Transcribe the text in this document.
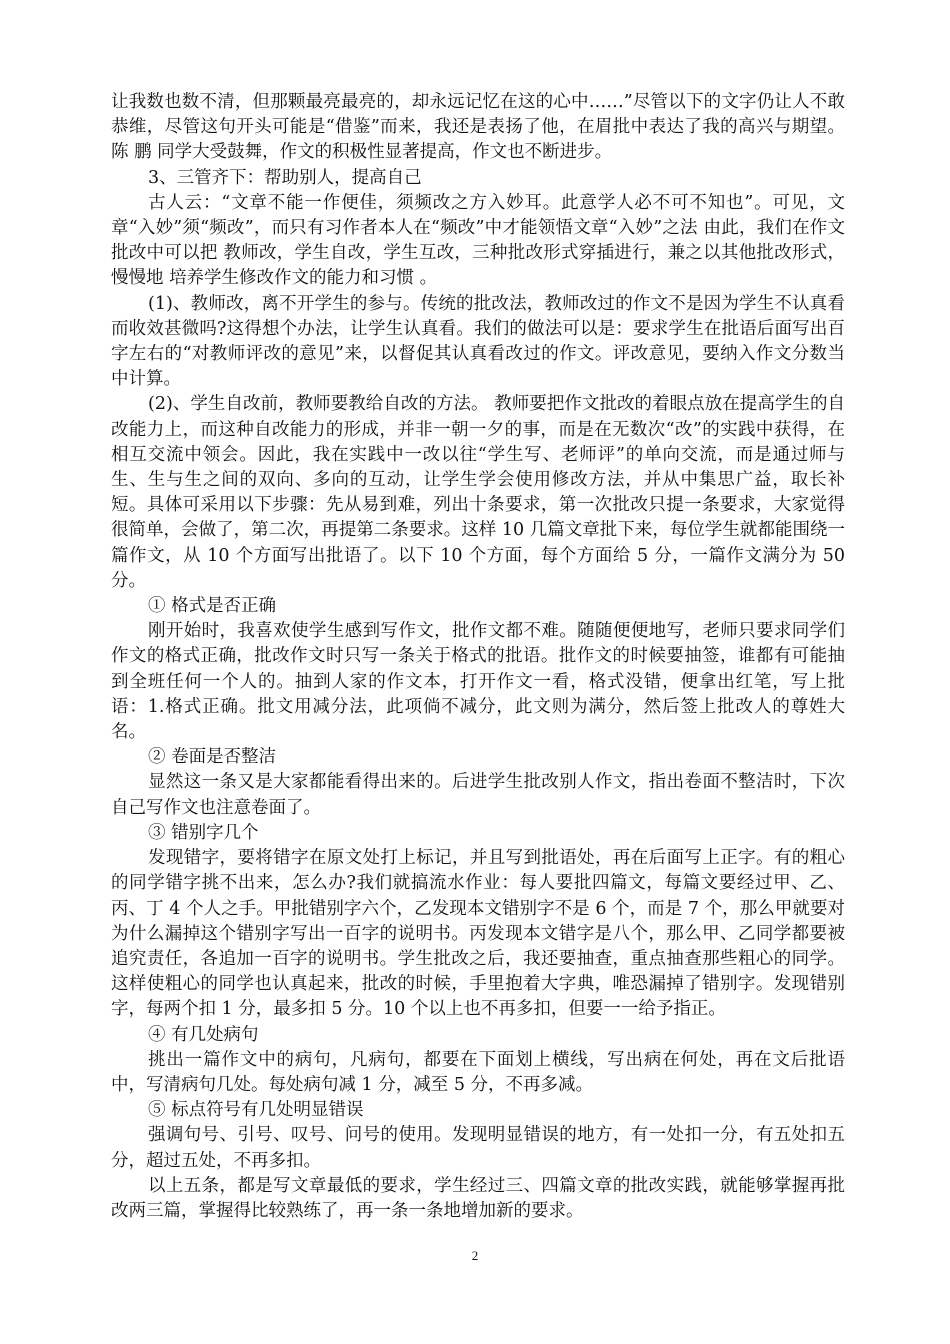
让我数也数不清，但那颗最亮最亮的，却永远记忆在这的心中……”尽管以下的文字仍让人不敢恭维，尽管这句开头可能是“借鉴”而来，我还是表扬了他，在眉批中表达了我的高兴与期望。陈 鹏 同学大受鼓舞，作文的积极性显著提高，作文也不断进步。

3、三管齐下：帮助别人，提高自己

古人云：“文章不能一作便佳，须频改之方入妙耳。此意学人必不可不知也”。可见，文章“入妙”须“频改”，而只有习作者本人在“频改”中才能领悟文章“入妙”之法 由此，我们在作文批改中可以把 教师改，学生自改，学生互改，三种批改形式穿插进行，兼之以其他批改形式，慢慢地 培养学生修改作文的能力和习惯 。

(1)、教师改，离不开学生的参与。传统的批改法，教师改过的作文不是因为学生不认真看而收效甚微吗?这得想个办法，让学生认真看。我们的做法可以是：要求学生在批语后面写出百字左右的“对教师评改的意见”来，以督促其认真看改过的作文。评改意见，要纳入作文分数当中计算。

(2)、学生自改前，教师要教给自改的方法。 教师要把作文批改的着眼点放在提高学生的自改能力上，而这种自改能力的形成，并非一朝一夕的事，而是在无数次“改”的实践中获得，在相互交流中领会。因此，我在实践中一改以往“学生写、老师评”的单向交流，而是通过师与生、生与生之间的双向、多向的互动，让学生学会使用修改方法，并从中集思广益，取长补短。具体可采用以下步骤：先从易到难，列出十条要求，第一次批改只提一条要求，大家觉得很简单，会做了，第二次，再提第二条要求。这样 10 几篇文章批下来，每位学生就都能围绕一篇作文，从 10 个方面写出批语了。以下 10 个方面，每个方面给 5 分，一篇作文满分为 50 分。

① 格式是否正确

刚开始时，我喜欢使学生感到写作文，批作文都不难。随随便便地写，老师只要求同学们作文的格式正确，批改作文时只写一条关于格式的批语。批作文的时候要抽签，谁都有可能抽到全班任何一个人的。抽到人家的作文本，打开作文一看，格式没错，便拿出红笔，写上批语：1.格式正确。批文用减分法，此项倘不减分，此文则为满分，然后签上批改人的尊姓大名。

② 卷面是否整洁

显然这一条又是大家都能看得出来的。后进学生批改别人作文，指出卷面不整洁时，下次自己写作文也注意卷面了。

③ 错别字几个

发现错字，要将错字在原文处打上标记，并且写到批语处，再在后面写上正字。有的粗心的同学错字挑不出来，怎么办?我们就搞流水作业：每人要批四篇文，每篇文要经过甲、乙、丙、丁 4 个人之手。甲批错别字六个，乙发现本文错别字不是 6 个，而是 7 个，那么甲就要对为什么漏掉这个错别字写出一百字的说明书。丙发现本文错字是八个，那么甲、乙同学都要被追究责任，各追加一百字的说明书。学生批改之后，我还要抽查，重点抽查那些粗心的同学。这样使粗心的同学也认真起来，批改的时候，手里抱着大字典，唯恐漏掉了错别字。发现错别字，每两个扣 1 分，最多扣 5 分。10 个以上也不再多扣，但要一一给予指正。

④ 有几处病句

挑出一篇作文中的病句，凡病句，都要在下面划上横线，写出病在何处，再在文后批语中，写清病句几处。每处病句减 1 分，减至 5 分，不再多减。

⑤ 标点符号有几处明显错误

强调句号、引号、叹号、问号的使用。发现明显错误的地方，有一处扣一分，有五处扣五分，超过五处，不再多扣。

以上五条，都是写文章最低的要求，学生经过三、四篇文章的批改实践，就能够掌握再批改两三篇，掌握得比较熟练了，再一条一条地增加新的要求。

2
